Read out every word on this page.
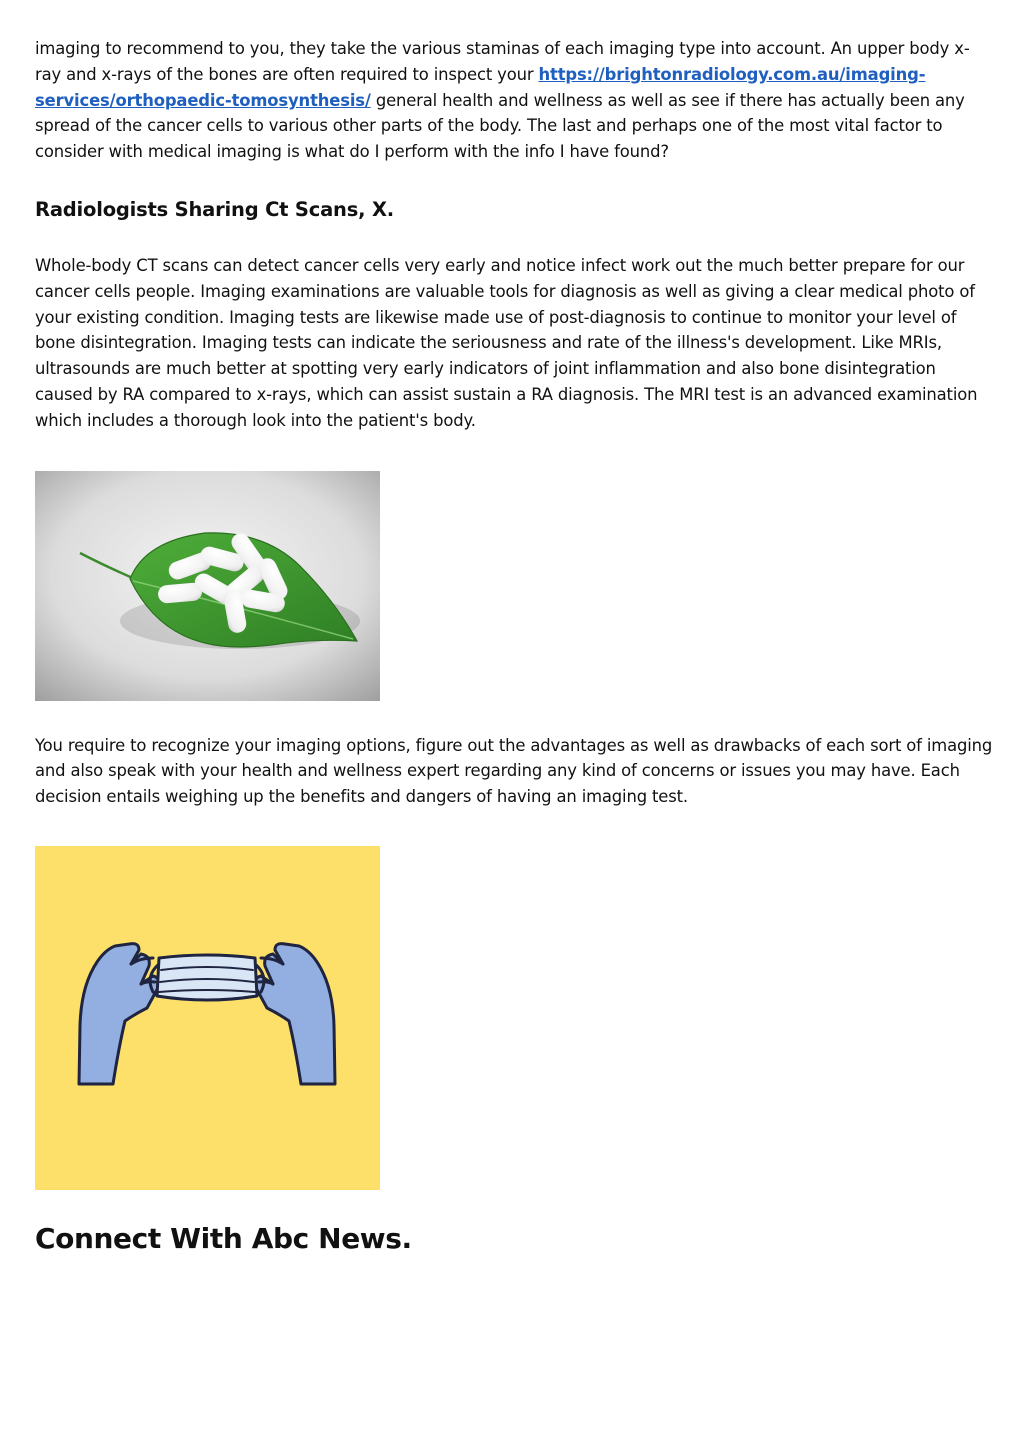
imaging to recommend to you, they take the various staminas of each imaging type into account. An upper body x-ray and x-rays of the bones are often required to inspect your https://brightonradiology.com.au/imaging-services/orthopaedic-tomosynthesis/ general health and wellness as well as see if there has actually been any spread of the cancer cells to various other parts of the body. The last and perhaps one of the most vital factor to consider with medical imaging is what do I perform with the info I have found?

Radiologists Sharing Ct Scans, X.

Whole-body CT scans can detect cancer cells very early and notice infect work out the much better prepare for our cancer cells people. Imaging examinations are valuable tools for diagnosis as well as giving a clear medical photo of your existing condition. Imaging tests are likewise made use of post-diagnosis to continue to monitor your level of bone disintegration. Imaging tests can indicate the seriousness and rate of the illness's development. Like MRIs, ultrasounds are much better at spotting very early indicators of joint inflammation and also bone disintegration caused by RA compared to x-rays, which can assist sustain a RA diagnosis. The MRI test is an advanced examination which includes a thorough look into the patient's body.

You require to recognize your imaging options, figure out the advantages as well as drawbacks of each sort of imaging and also speak with your health and wellness expert regarding any kind of concerns or issues you may have. Each decision entails weighing up the benefits and dangers of having an imaging test.

Connect With Abc News.
